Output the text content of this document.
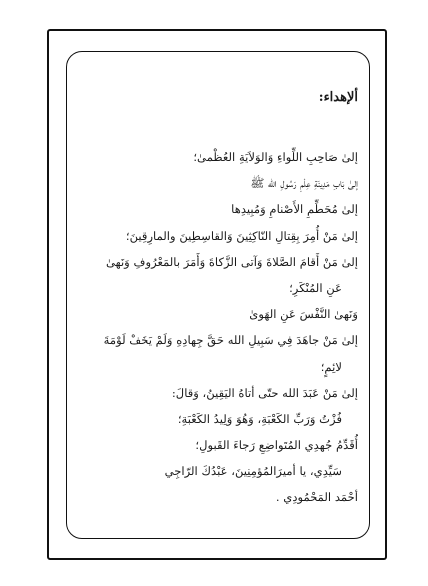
ألإهداء:
إلىٰ صَاحِبِ اللِّواءِ وَالوَلاَيَةِ العُظْمىٰ؛
إلىٰ بَابِ مَدِينَةِ عِلْمِ رَسُولِ الله ﷺ
إلىٰ مُحَطِّمِ الأَصْنامِ وَمُبِيدِها
إلىٰ مَنْ أُمِرَ بِقِتالِ النّاكِثِينَ وَالقاسِطِينَ والمارِقِينَ؛
إلىٰ مَنْ أَقامَ الصَّلاةَ وَآتى الزَّكاةَ وَأَمَرَ بالمَعْرُوفِ وَنَهىٰ
عَنِ المُنْكَرِ؛
وَنَهىٰ النَّفْسَ عَنِ الهَوىٰ
إلىٰ مَنْ جاهَدَ فِي سَبِيلِ الله حَقَّ جِهادِهِ وَلَمْ يَخَفْ لَوْمَةَ
لائِمٍ؛
إلىٰ مَنْ عَبَدَ الله حتّى أتاهُ اليَقِينُ، وَقالَ:
فُزْتُ وَرَبِّ الكَعْبَةِ، وَهُوَ وَلِيدُ الكَعْبَةِ؛
أُقَدِّمُ جُهدِي المُتَواضِعِ رَجاءَ القَبولِ؛
سَيِّدِي، يا أميرَالمُؤمِنِينَ، عَبْدُكَ الرّاجِي
أحْمَد المَحْمُودِي .
